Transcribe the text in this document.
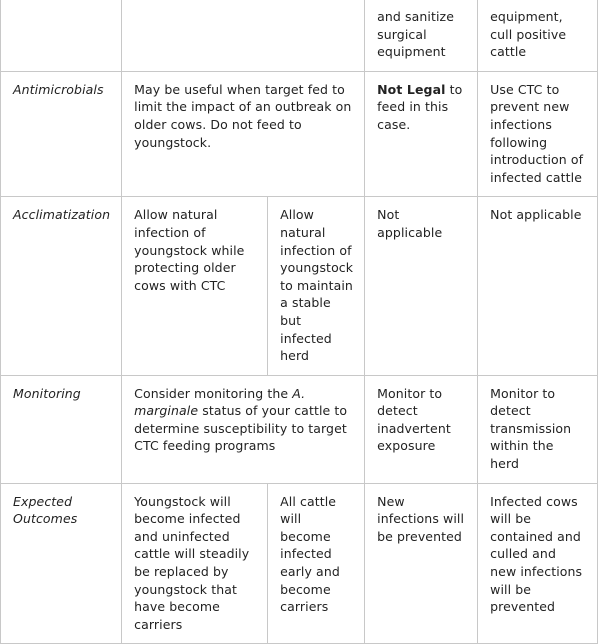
			and sanitize surgical equipment	equipment, cull positive cattle
Antimicrobials	May be useful when target fed to limit the impact of an outbreak on older cows. Do not feed to youngstock.		Not Legal to feed in this case.	Use CTC to prevent new infections following introduction of infected cattle
Acclimatization	Allow natural infection of youngstock while protecting older cows with CTC	Allow natural infection of youngstock to maintain a stable but infected herd	Not applicable	Not applicable
Monitoring	Consider monitoring the A. marginale status of your cattle to determine susceptibility to target CTC feeding programs		Monitor to detect inadvertent exposure	Monitor to detect transmission within the herd
Expected Outcomes	Youngstock will become infected and uninfected cattle will steadily be replaced by youngstock that have become carriers	All cattle will become infected early and become carriers	New infections will be prevented	Infected cows will be contained and culled and new infections will be prevented
